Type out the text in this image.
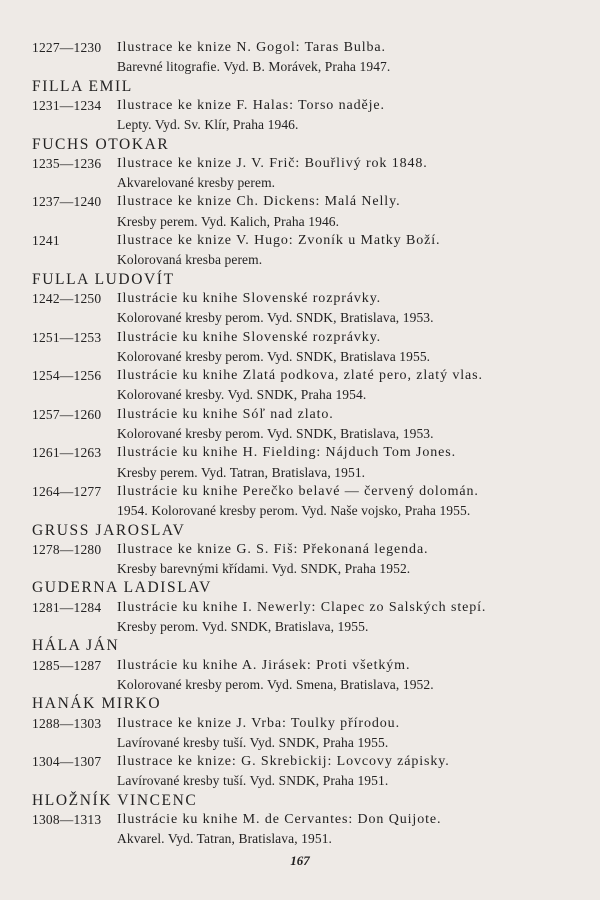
1227—1230 Ilustrace ke knize N. Gogol: Taras Bulba.
Barevné litografie. Vyd. B. Morávek, Praha 1947.
FILLA EMIL
1231—1234 Ilustrace ke knize F. Halas: Torso naděje.
Lepty. Vyd. Sv. Klír, Praha 1946.
FUCHS OTOKAR
1235—1236 Ilustrace ke knize J. V. Frič: Bouřlivý rok 1848.
Akvarelované kresby perem.
1237—1240 Ilustrace ke knize Ch. Dickens: Malá Nelly.
Kresby perem. Vyd. Kalich, Praha 1946.
1241	Ilustrace ke knize V. Hugo: Zvoník u Matky Boží.
Kolorovaná kresba perem.
FULLA LUDOVÍT
1242—1250 Ilustrácie ku knihe Slovenské rozprávky.
Kolorované kresby perom. Vyd. SNDK, Bratislava, 1953.
1251—1253 Ilustrácie ku knihe Slovenské rozprávky.
Kolorované kresby perom. Vyd. SNDK, Bratislava 1955.
1254—1256 Ilustrácie ku knihe Zlatá podkova, zlaté pero, zlatý vlas.
Kolorované kresby. Vyd. SNDK, Praha 1954.
1257—1260 Ilustrácie ku knihe Sóľ nad zlato.
Kolorované kresby perom. Vyd. SNDK, Bratislava, 1953.
1261—1263 Ilustrácie ku knihe H. Fielding: Nájduch Tom Jones.
Kresby perem. Vyd. Tatran, Bratislava, 1951.
1264—1277 Ilustrácie ku knihe Perečko belavé — červený dolomán.
1954. Kolorované kresby perom. Vyd. Naše vojsko, Praha 1955.
GRUSS JAROSLAV
1278—1280 Ilustrace ke knize G. S. Fiš: Překonaná legenda.
Kresby barevnými křídami. Vyd. SNDK, Praha 1952.
GUDERNA LADISLAV
1281—1284 Ilustrácie ku knihe I. Newerly: Clapec zo Salských stepí.
Kresby perom. Vyd. SNDK, Bratislava, 1955.
HÁLA JÁN
1285—1287 Ilustrácie ku knihe A. Jirásek: Proti všetkým.
Kolorované kresby perom. Vyd. Smena, Bratislava, 1952.
HANÁK MIRKO
1288—1303 Ilustrace ke knize J. Vrba: Toulky přírodou.
Lavírované kresby tuší. Vyd. SNDK, Praha 1955.
1304—1307 Ilustrace ke knize: G. Skrebickij: Lovcovy zápisky.
Lavírované kresby tuší. Vyd. SNDK, Praha 1951.
HLOŽNÍK VINCENC
1308—1313 Ilustrácie ku knihe M. de Cervantes: Don Quijote.
Akvarel. Vyd. Tatran, Bratislava, 1951.
167
